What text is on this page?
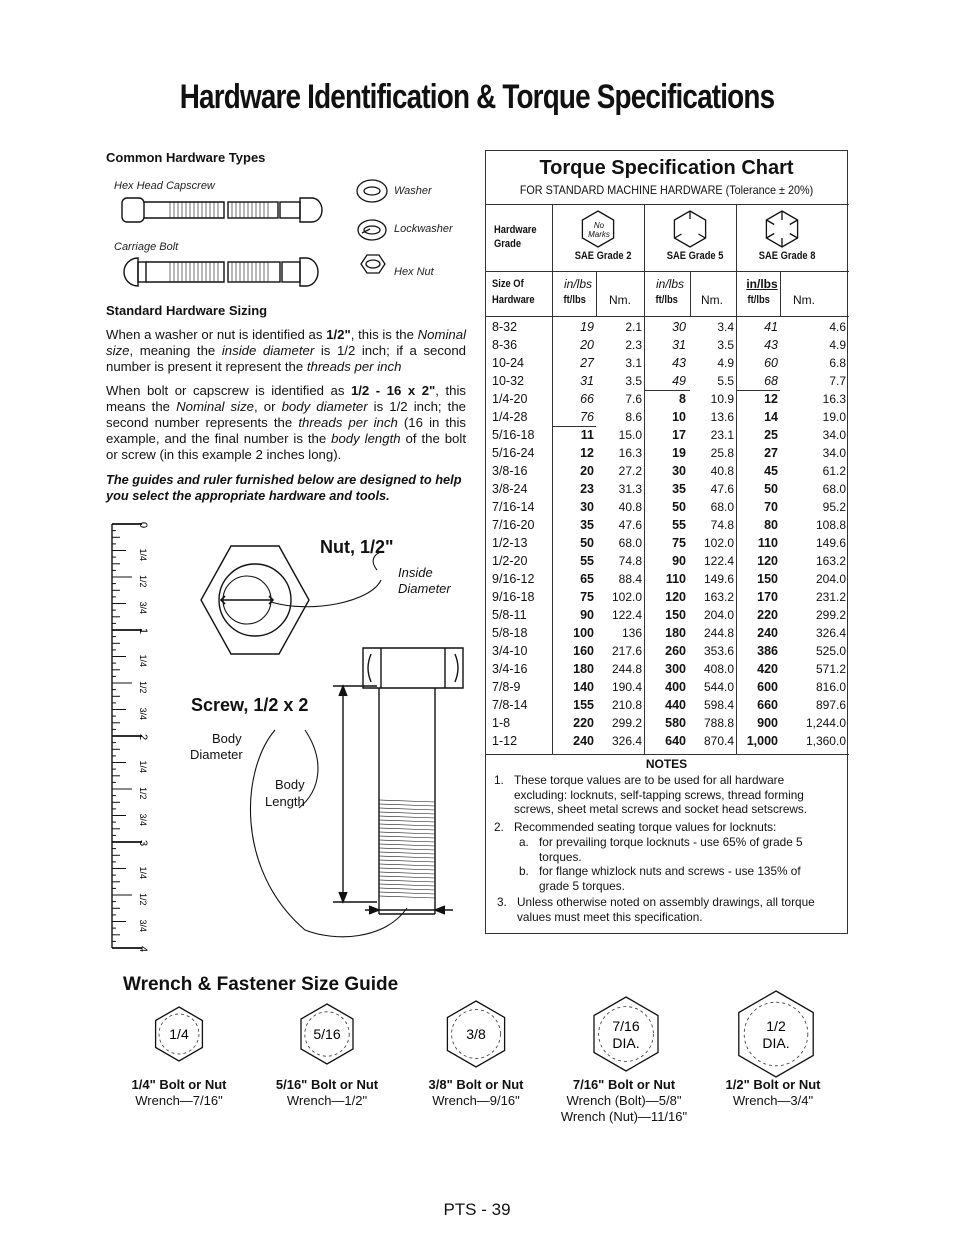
Hardware Identification & Torque Specifications
Common Hardware Types
Hex Head Capscrew
Carriage Bolt
Washer
Lockwasher
Hex Nut
Standard Hardware Sizing
When a washer or nut is identified as 1/2", this is the Nominal size, meaning the inside diameter is 1/2 inch; if a second number is present it represent the threads per inch
When bolt or capscrew is identified as 1/2 - 16 x 2", this means the Nominal size, or body diameter is 1/2 inch; the second number represents the threads per inch (16 in this example, and the final number is the body length of the bolt or screw (in this example 2 inches long).
The guides and ruler furnished below are designed to help you select the appropriate hardware and tools.
0
1/4
1/2
3/4
1
1/4
1/2
3/4
2
1/4
1/2
3/4
3
1/4
1/2
3/4
4
Nut, 1/2"
Inside
Diameter
Screw, 1/2 x 2
Body
Diameter
Body
Length
Torque Specification Chart
FOR STANDARD MACHINE HARDWARE (Tolerance ± 20%)
NOTES
1. These torque values are to be used for all hardware excluding: locknuts, self-tapping screws, thread forming screws, sheet metal screws and socket head setscrews.
2. Recommended seating torque values for locknuts:
a. for prevailing torque locknuts - use 65% of grade 5 torques.
b. for flange whizlock nuts and screws - use 135% of grade 5 torques.
3. Unless otherwise noted on assembly drawings, all torque values must meet this specification.
Hardware
Grade
SAE Grade 2	SAE Grade 5	SAE Grade 8
No
Marks
Size Of
Hardware
in/lbs
ft/lbs	Nm.
in/lbs
ft/lbs	Nm.
in/lbs
ft/lbs	Nm.
8-32	19	2.1	30	3.4	41	4.6
8-36	20	2.3	31	3.5	43	4.9
10-24	27	3.1	43	4.9	60	6.8
10-32	31	3.5	49	5.5	68	7.7
1/4-20	66	7.6	8	10.9	12	16.3
1/4-28	76	8.6	10	13.6	14	19.0
5/16-18	11	15.0	17	23.1	25	34.0
5/16-24	12	16.3	19	25.8	27	34.0
3/8-16	20	27.2	30	40.8	45	61.2
3/8-24	23	31.3	35	47.6	50	68.0
7/16-14	30	40.8	50	68.0	70	95.2
7/16-20	35	47.6	55	74.8	80	108.8
1/2-13	50	68.0	75	102.0	110	149.6
1/2-20	55	74.8	90	122.4	120	163.2
9/16-12	65	88.4	110	149.6	150	204.0
9/16-18	75	102.0	120	163.2	170	231.2
5/8-11	90	122.4	150	204.0	220	299.2
5/8-18	100	136	180	244.8	240	326.4
3/4-10	160	217.6	260	353.6	386	525.0
3/4-16	180	244.8	300	408.0	420	571.2
7/8-9	140	190.4	400	544.0	600	816.0
7/8-14	155	210.8	440	598.4	660	897.6
1-8	220	299.2	580	788.8	900	1,244.0
1-12	240	326.4	640	870.4	1,000	1,360.0
Wrench & Fastener Size Guide
1/4	5/16	3/8	7/16
DIA.
1/2
DIA.
1/4" Bolt or Nut
Wrench—7/16"
5/16" Bolt or Nut
Wrench—1/2"
3/8" Bolt or Nut
Wrench—9/16"
7/16" Bolt or Nut
Wrench (Bolt)—5/8"
Wrench (Nut)—11/16"
1/2" Bolt or Nut
Wrench—3/4"
PTS - 39
